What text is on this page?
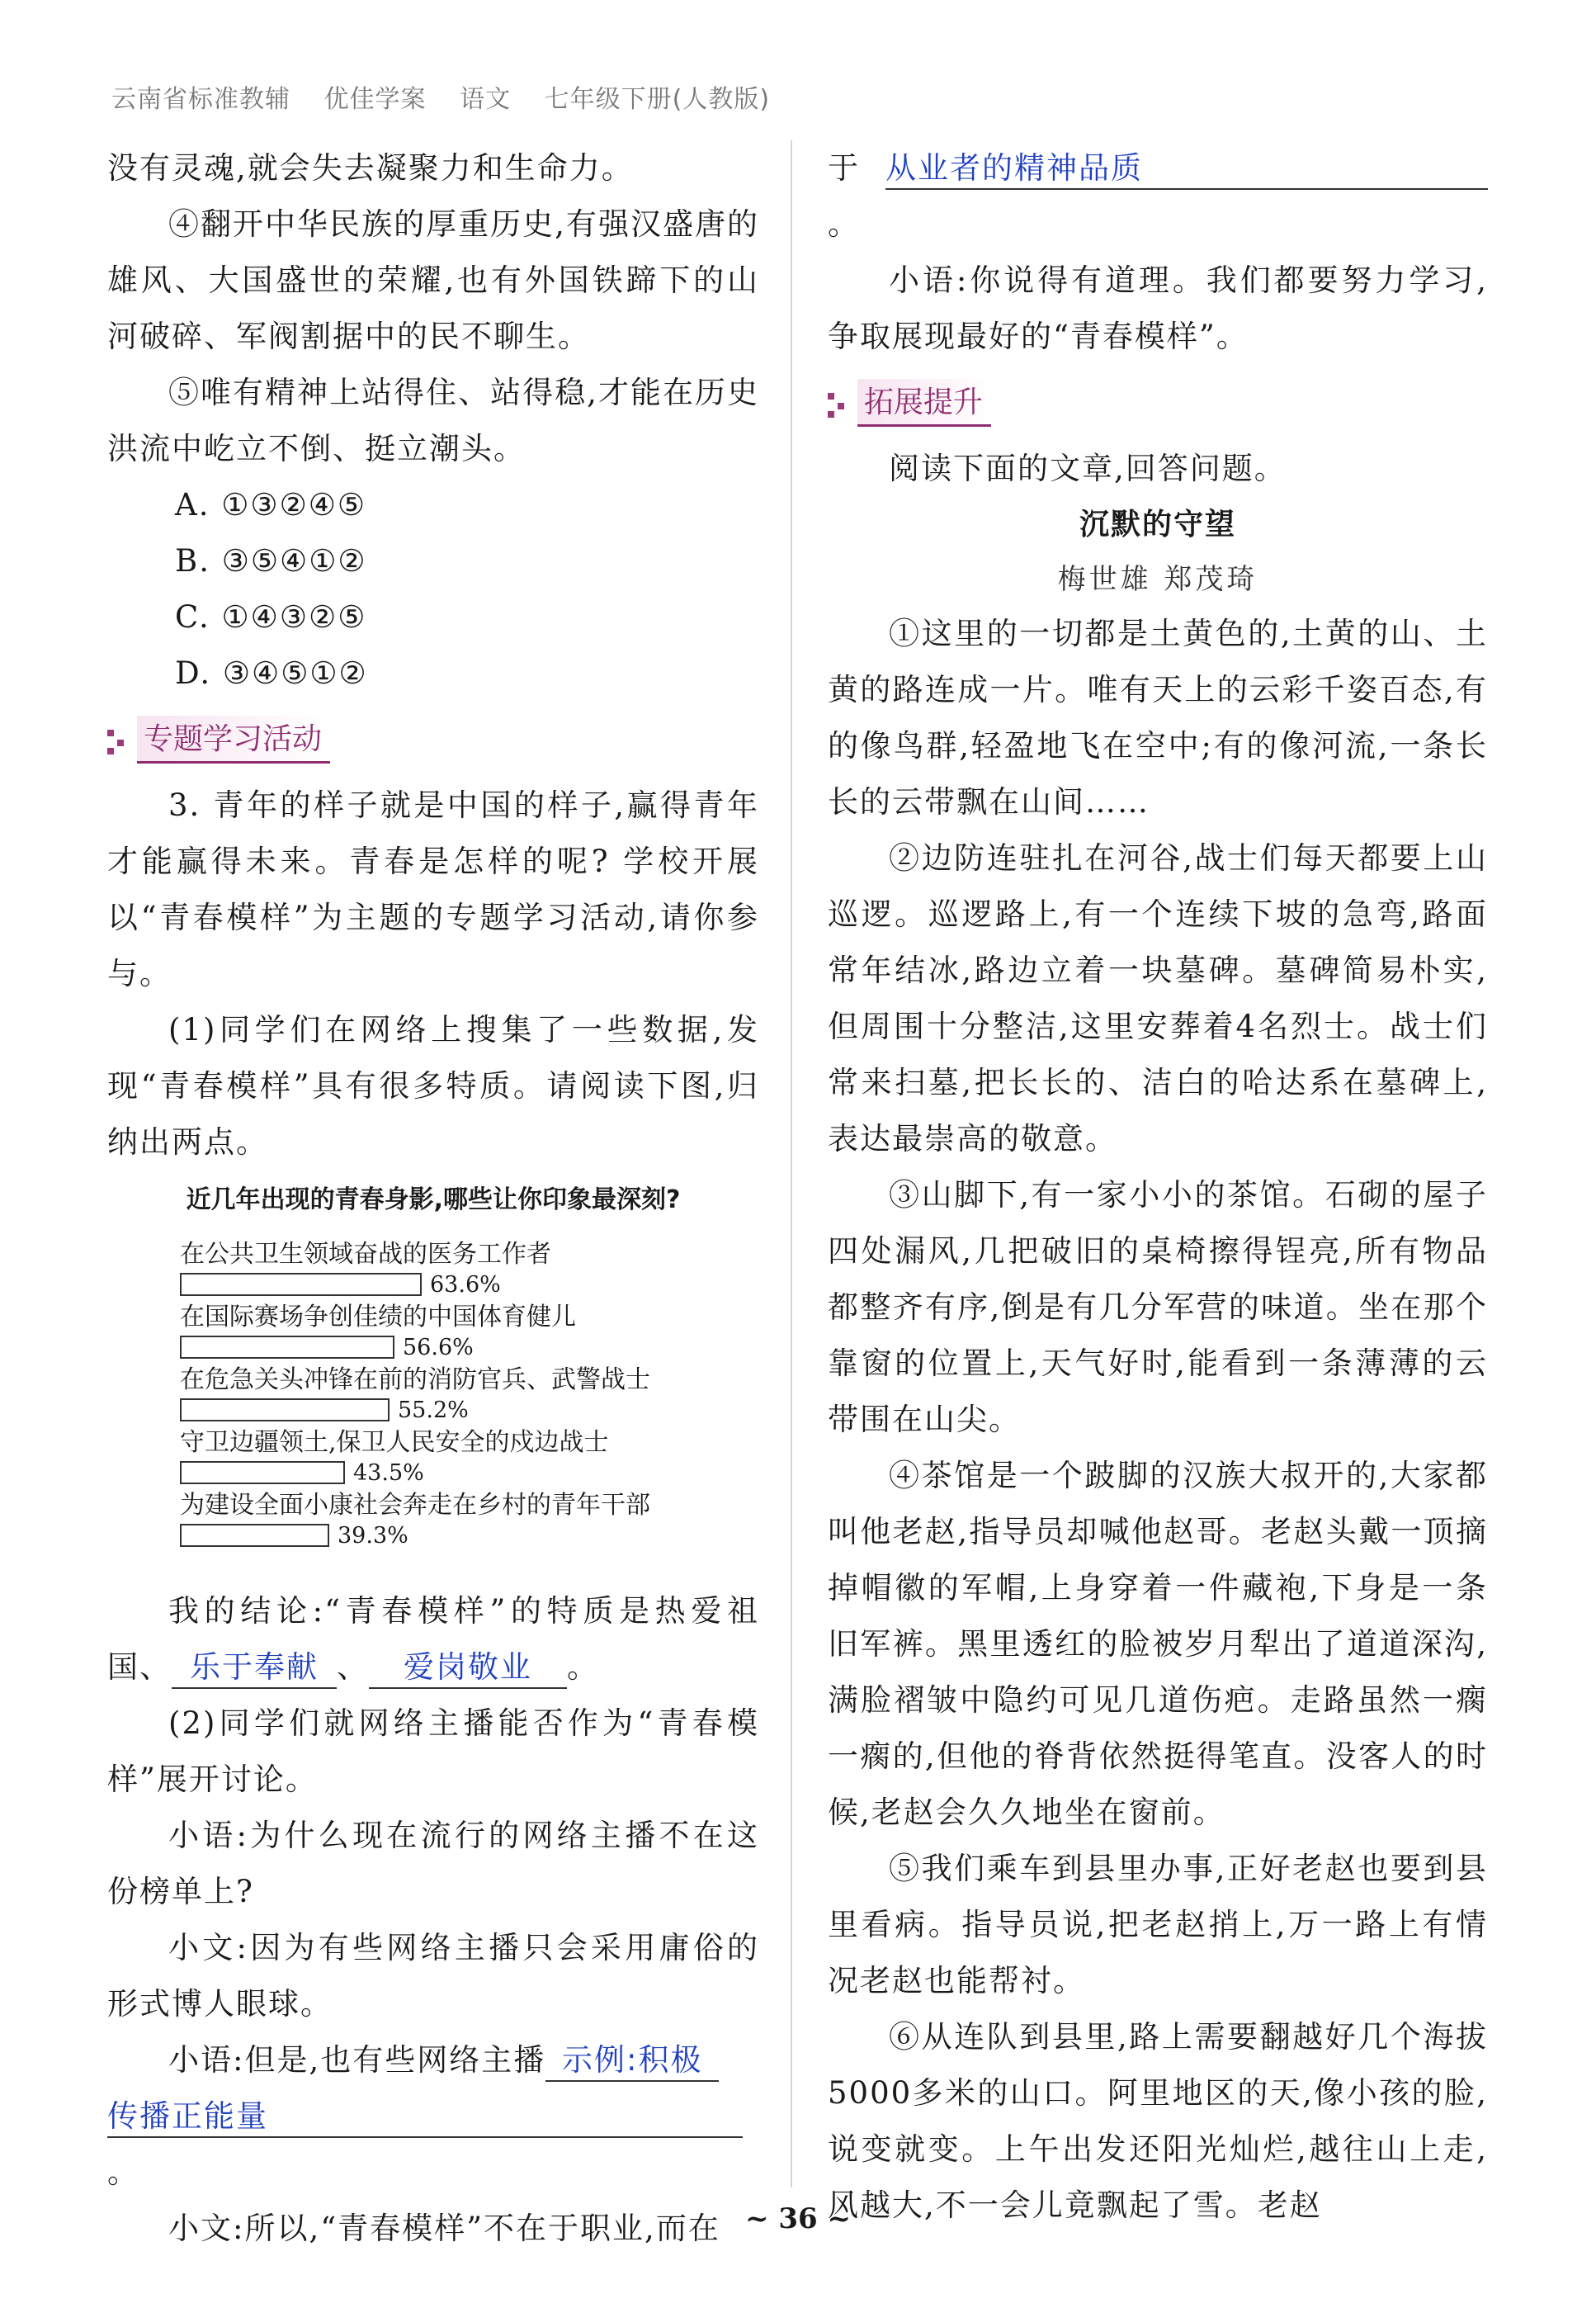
云南省标准教辅 优佳学案 语文 七年级下册(人教版)

没有灵魂,就会失去凝聚力和生命力。

④翻开中华民族的厚重历史,有强汉盛唐的雄风、大国盛世的荣耀,也有外国铁蹄下的山河破碎、军阀割据中的民不聊生。

⑤唯有精神上站得住、站得稳,才能在历史洪流中屹立不倒、挺立潮头。

A. ①③②④⑤

B. ③⑤④①②

C. ①④③②⑤

D. ③④⑤①②

专题学习活动

3. 青年的样子就是中国的样子,赢得青年才能赢得未来。青春是怎样的呢? 学校开展以“青春模样”为主题的专题学习活动,请你参与。

(1)同学们在网络上搜集了一些数据,发现“青春模样”具有很多特质。请阅读下图,归纳出两点。

近几年出现的青春身影,哪些让你印象最深刻?
在公共卫生领域奋战的医务工作者
63.6%
在国际赛场争创佳绩的中国体育健儿
56.6%
在危急关头冲锋在前的消防官兵、武警战士
55.2%
守卫边疆领土,保卫人民安全的戍边战士
43.5%
为建设全面小康社会奔走在乡村的青年干部
39.3%

我的结论:“青春模样”的特质是热爱祖国、 乐于奉献 、 爱岗敬业 。

(2)同学们就网络主播能否作为“青春模样”展开讨论。

小语:为什么现在流行的网络主播不在这份榜单上?

小文:因为有些网络主播只会采用庸俗的形式博人眼球。

小语:但是,也有些网络主播 示例:积极

传播正能量。

小文:所以,“青春模样”不在于职业,而在

于从业者的精神品质。

小语:你说得有道理。我们都要努力学习,争取展现最好的“青春模样”。

拓展提升

阅读下面的文章,回答问题。

沉默的守望

梅世雄 郑茂琦

①这里的一切都是土黄色的,土黄的山、土黄的路连成一片。唯有天上的云彩千姿百态,有的像鸟群,轻盈地飞在空中;有的像河流,一条长长的云带飘在山间……

②边防连驻扎在河谷,战士们每天都要上山巡逻。巡逻路上,有一个连续下坡的急弯,路面常年结冰,路边立着一块墓碑。墓碑简易朴实,但周围十分整洁,这里安葬着4名烈士。战士们常来扫墓,把长长的、洁白的哈达系在墓碑上,表达最崇高的敬意。

③山脚下,有一家小小的茶馆。石砌的屋子四处漏风,几把破旧的桌椅擦得锃亮,所有物品都整齐有序,倒是有几分军营的味道。坐在那个靠窗的位置上,天气好时,能看到一条薄薄的云带围在山尖。

④茶馆是一个跛脚的汉族大叔开的,大家都叫他老赵,指导员却喊他赵哥。老赵头戴一顶摘掉帽徽的军帽,上身穿着一件藏袍,下身是一条旧军裤。黑里透红的脸被岁月犁出了道道深沟,满脸褶皱中隐约可见几道伤疤。走路虽然一瘸一瘸的,但他的脊背依然挺得笔直。没客人的时候,老赵会久久地坐在窗前。

⑤我们乘车到县里办事,正好老赵也要到县里看病。指导员说,把老赵捎上,万一路上有情况老赵也能帮衬。

⑥从连队到县里,路上需要翻越好几个海拔5000多米的山口。阿里地区的天,像小孩的脸,说变就变。上午出发还阳光灿烂,越往山上走,风越大,不一会儿竟飘起了雪。老赵

~ 36 ~
